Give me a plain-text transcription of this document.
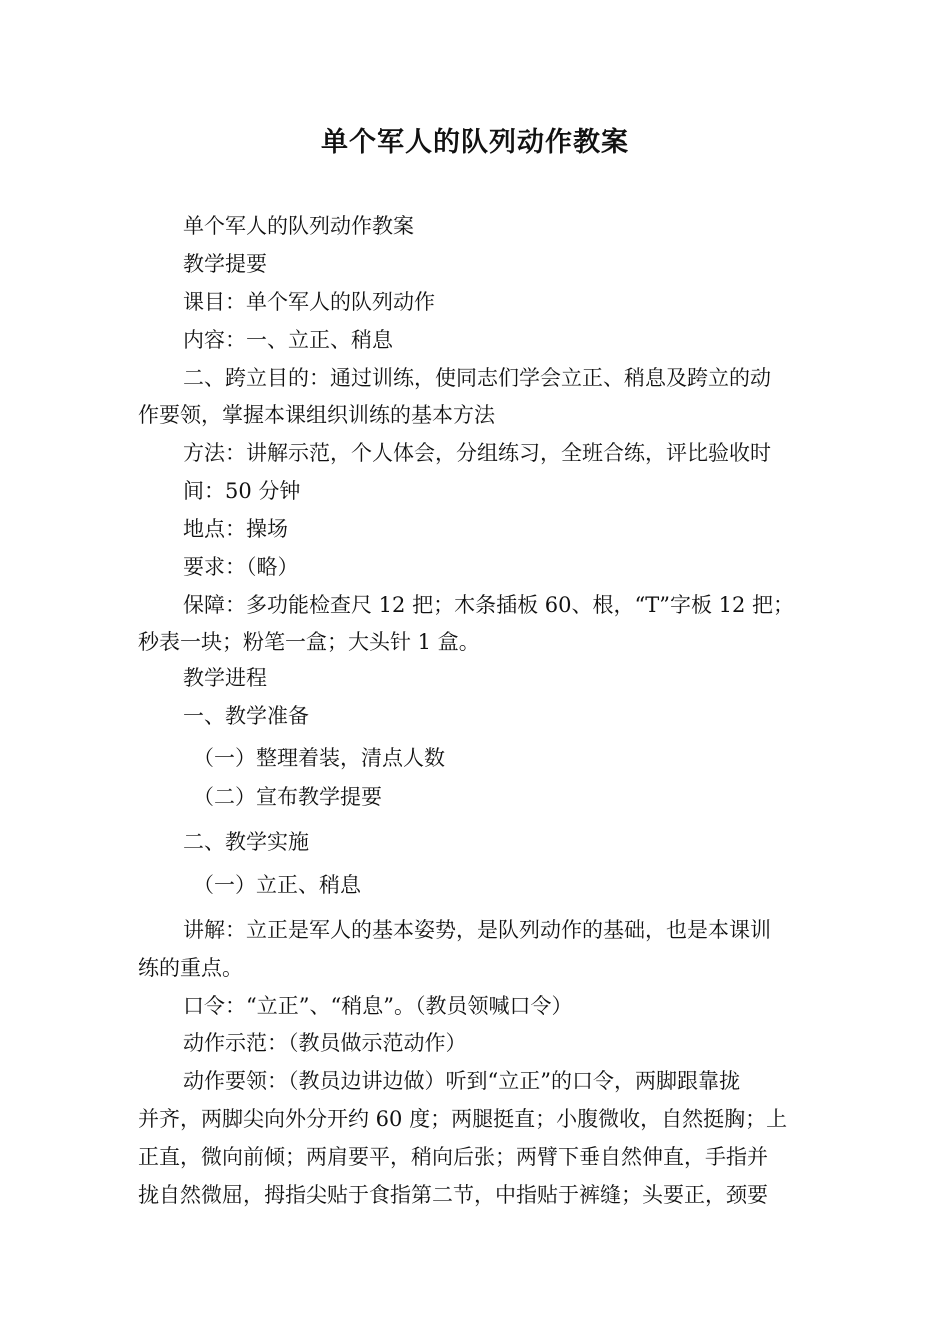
单个军人的队列动作教案
单个军人的队列动作教案
教学提要
课目：单个军人的队列动作
内容：一、立正、稍息
二、跨立目的：通过训练，使同志们学会立正、稍息及跨立的动
作要领，掌握本课组织训练的基本方法
方法：讲解示范，个人体会，分组练习，全班合练，评比验收时
间：50 分钟
地点：操场
要求：（略）
保障：多功能检查尺 12 把；木条插板 60、根，“T”字板 12 把；
秒表一块；粉笔一盒；大头针 1 盒。
教学进程
一、教学准备
（一）整理着装，清点人数
（二）宣布教学提要
二、教学实施
（一）立正、稍息
讲解：立正是军人的基本姿势，是队列动作的基础，也是本课训
练的重点。
口令：“立正”、“稍息”。（教员领喊口令）
动作示范：（教员做示范动作）
动作要领：（教员边讲边做）听到“立正”的口令，两脚跟靠拢
并齐，两脚尖向外分开约 60 度；两腿挺直；小腹微收，自然挺胸；上
正直，微向前倾；两肩要平，稍向后张；两臂下垂自然伸直，手指并
拢自然微屈，拇指尖贴于食指第二节，中指贴于裤缝；头要正，颈要
